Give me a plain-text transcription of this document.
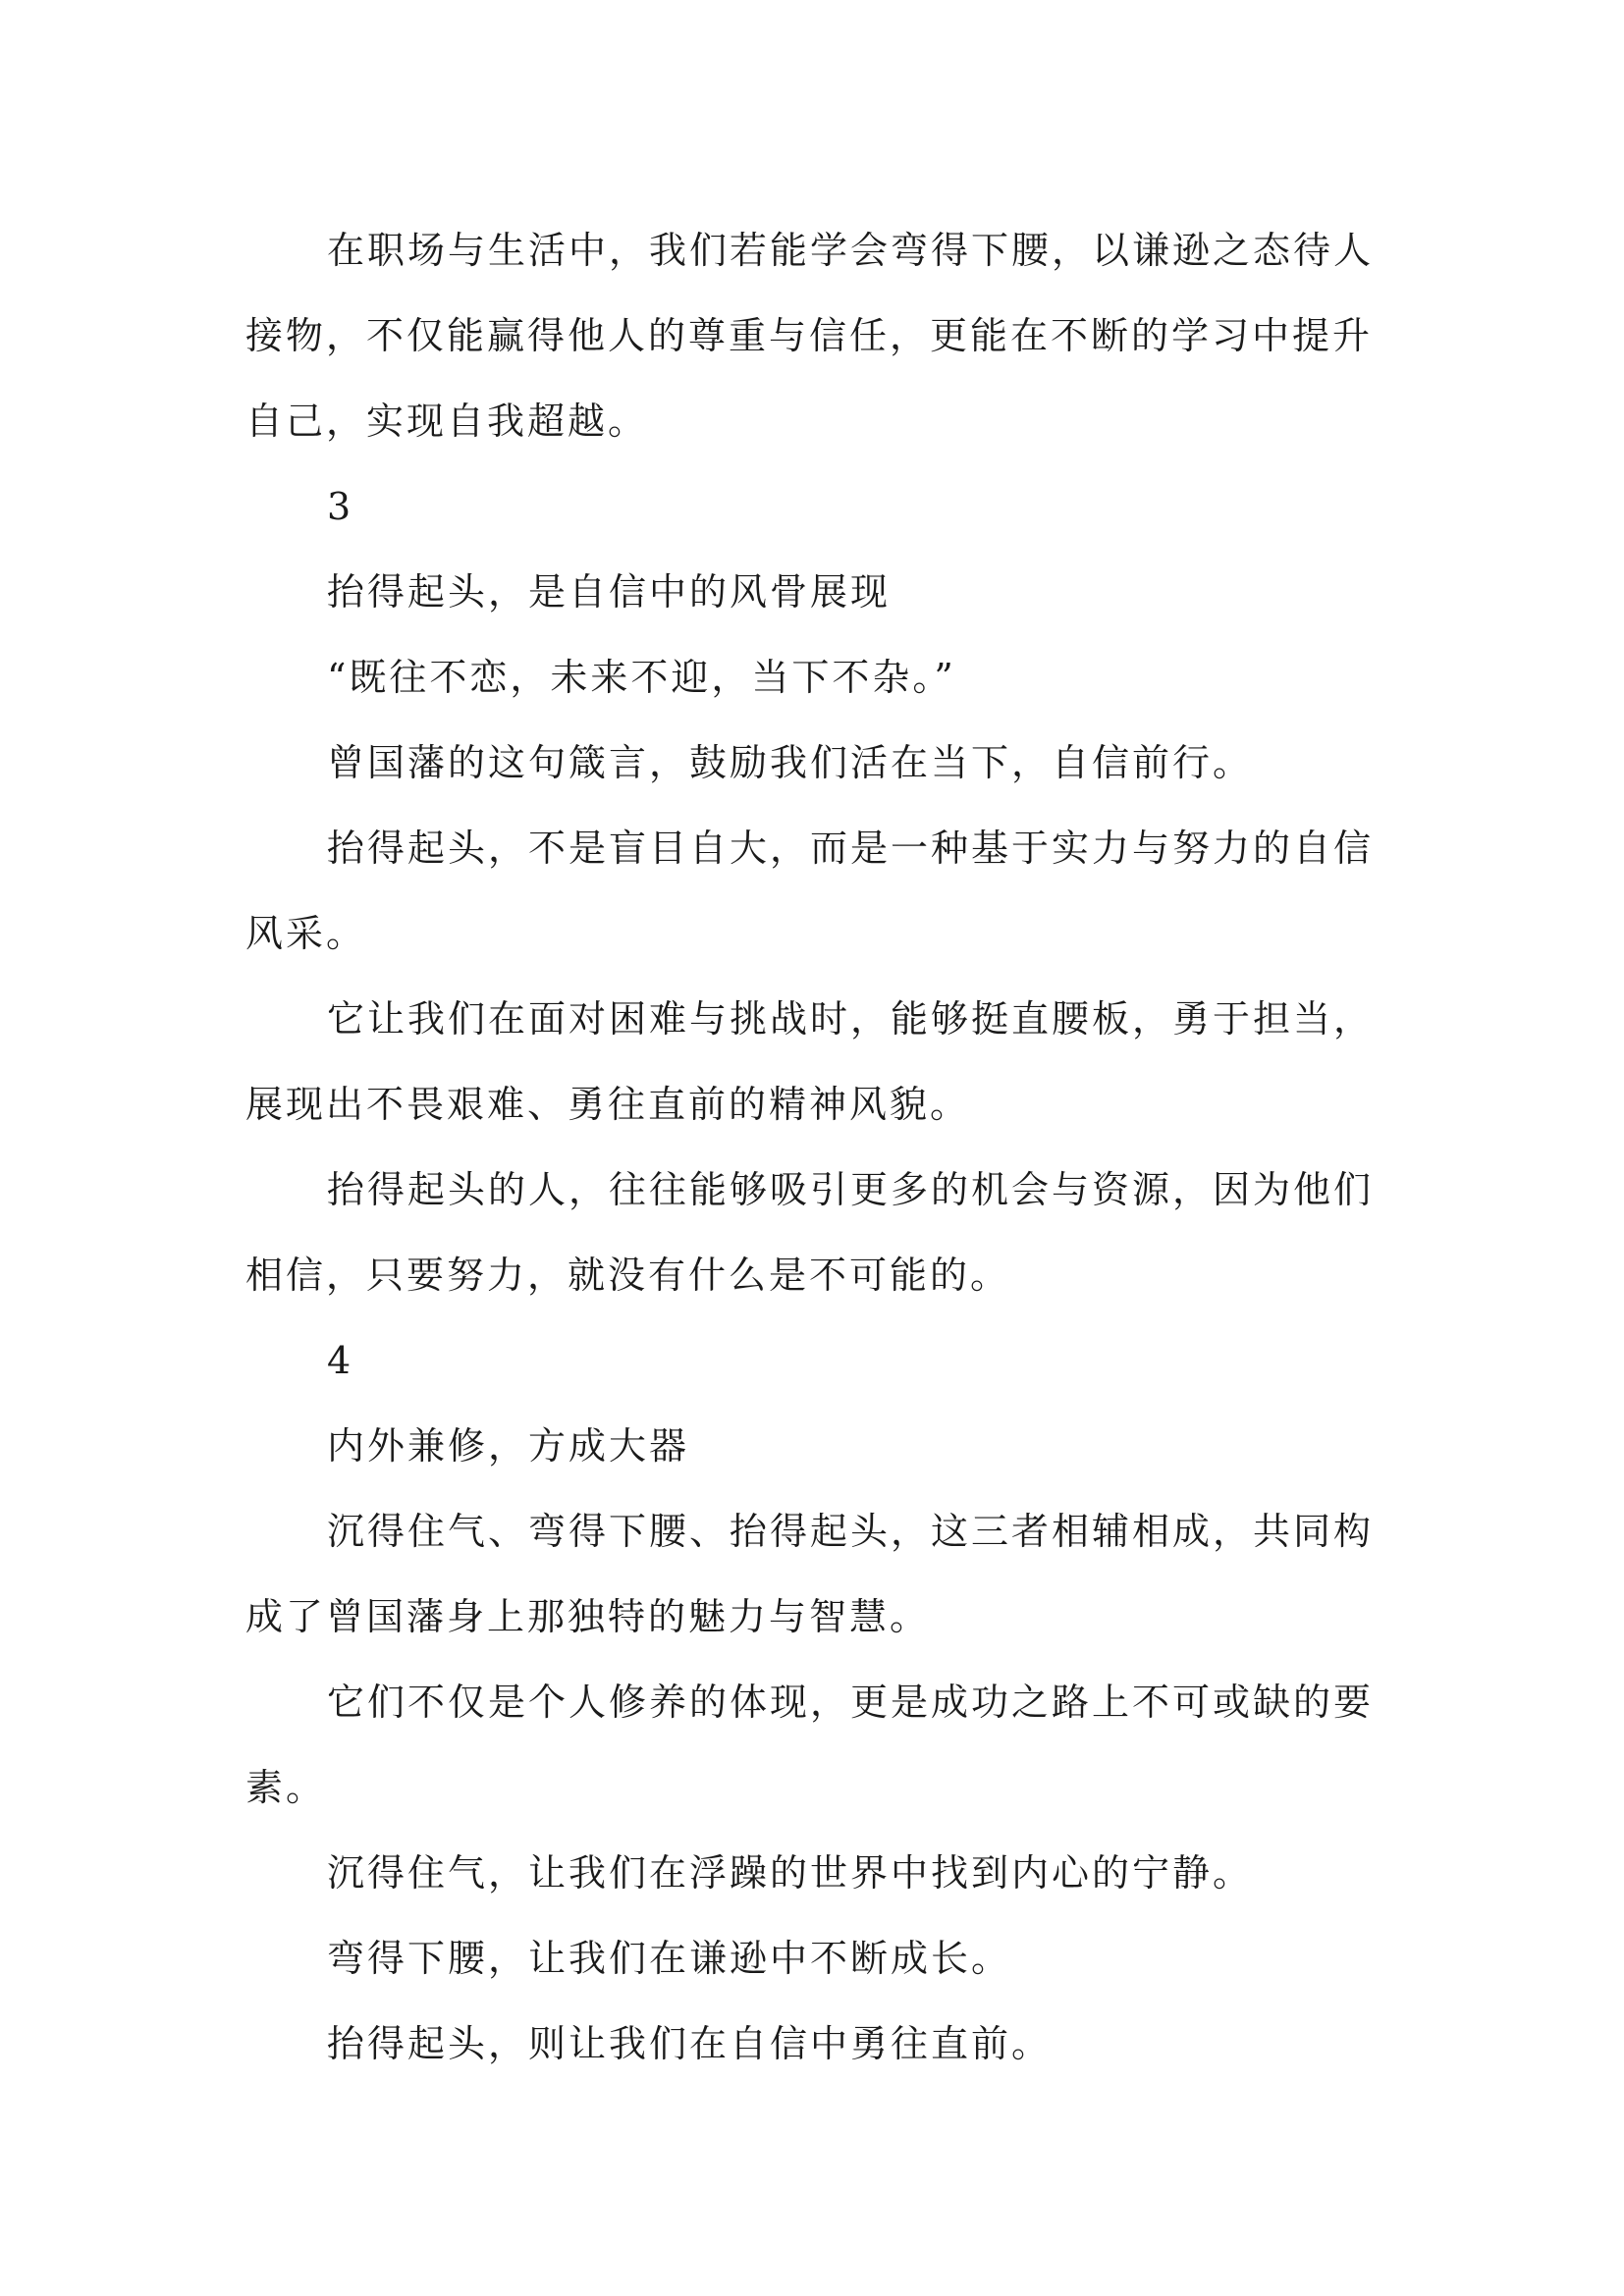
在职场与生活中，我们若能学会弯得下腰，以谦逊之态待人

接物，不仅能赢得他人的尊重与信任，更能在不断的学习中提升

自己，实现自我超越。

3

抬得起头，是自信中的风骨展现

“既往不恋，未来不迎，当下不杂。”

曾国藩的这句箴言，鼓励我们活在当下，自信前行。

抬得起头，不是盲目自大，而是一种基于实力与努力的自信

风采。

它让我们在面对困难与挑战时，能够挺直腰板，勇于担当，

展现出不畏艰难、勇往直前的精神风貌。

抬得起头的人，往往能够吸引更多的机会与资源，因为他们

相信，只要努力，就没有什么是不可能的。

4

内外兼修，方成大器

沉得住气、弯得下腰、抬得起头，这三者相辅相成，共同构

成了曾国藩身上那独特的魅力与智慧。

它们不仅是个人修养的体现，更是成功之路上不可或缺的要

素。

沉得住气，让我们在浮躁的世界中找到内心的宁静。

弯得下腰，让我们在谦逊中不断成长。

抬得起头，则让我们在自信中勇往直前。
